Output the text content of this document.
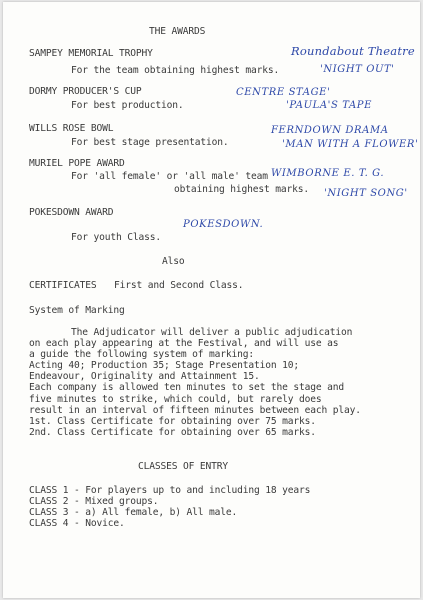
THE AWARDS
SAMPEY MEMORIAL TROPHY
For the team obtaining highest marks.
Roundabout Theatre
'NIGHT OUT'
DORMY PRODUCER'S CUP
For best production.
CENTRE STAGE'
'PAULA'S TAPE
WILLS ROSE BOWL
For best stage presentation.
FERNDOWN DRAMA
'MAN WITH A FLOWER'
MURIEL POPE AWARD
For 'all female' or 'all male' team
obtaining highest marks.
WIMBORNE E. T. G.
'NIGHT SONG'
POKESDOWN AWARD
For youth Class.
POKESDOWN.
Also
CERTIFICATES First and Second Class.
System of Marking
The Adjudicator will deliver a public adjudication
on each play appearing at the Festival, and will use as
a guide the following system of marking:
Acting 40; Production 35; Stage Presentation 10;
Endeavour, Originality and Attainment 15.
Each company is allowed ten minutes to set the stage and
five minutes to strike, which could, but rarely does
result in an interval of fifteen minutes between each play.
1st. Class Certificate for obtaining over 75 marks.
2nd. Class Certificate for obtaining over 65 marks.
CLASSES OF ENTRY
CLASS 1 - For players up to and including 18 years
CLASS 2 - Mixed groups.
CLASS 3 - a) All female, b) All male.
CLASS 4 - Novice.
